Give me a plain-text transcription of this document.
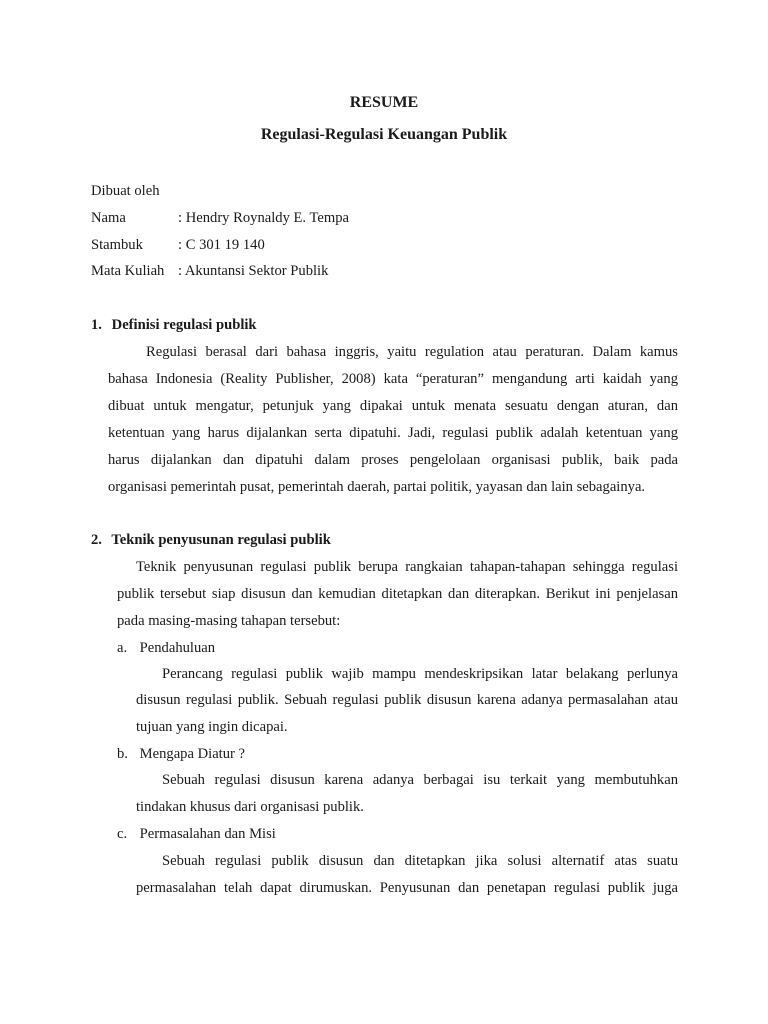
RESUME
Regulasi-Regulasi Keuangan Publik
Dibuat oleh
Nama	: Hendry Roynaldy E. Tempa
Stambuk : C 301 19 140
Mata Kuliah : Akuntansi Sektor Publik
1. Definisi regulasi publik
Regulasi berasal dari bahasa inggris, yaitu regulation atau peraturan. Dalam kamus
bahasa Indonesia (Reality Publisher, 2008) kata “peraturan” mengandung arti kaidah yang
dibuat untuk mengatur, petunjuk yang dipakai untuk menata sesuatu dengan aturan, dan
ketentuan yang harus dijalankan serta dipatuhi. Jadi, regulasi publik adalah ketentuan yang
harus dijalankan dan dipatuhi dalam proses pengelolaan organisasi publik, baik pada
organisasi pemerintah pusat, pemerintah daerah, partai politik, yayasan dan lain sebagainya.
2. Teknik penyusunan regulasi publik
Teknik penyusunan regulasi publik berupa rangkaian tahapan-tahapan sehingga regulasi
publik tersebut siap disusun dan kemudian ditetapkan dan diterapkan. Berikut ini penjelasan
pada masing-masing tahapan tersebut:
a. Pendahuluan
Perancang regulasi publik wajib mampu mendeskripsikan latar belakang perlunya
disusun regulasi publik. Sebuah regulasi publik disusun karena adanya permasalahan atau
tujuan yang ingin dicapai.
b. Mengapa Diatur ?
Sebuah regulasi disusun karena adanya berbagai isu terkait yang membutuhkan
tindakan khusus dari organisasi publik.
c. Permasalahan dan Misi
Sebuah regulasi publik disusun dan ditetapkan jika solusi alternatif atas suatu
permasalahan telah dapat dirumuskan. Penyusunan dan penetapan regulasi publik juga
